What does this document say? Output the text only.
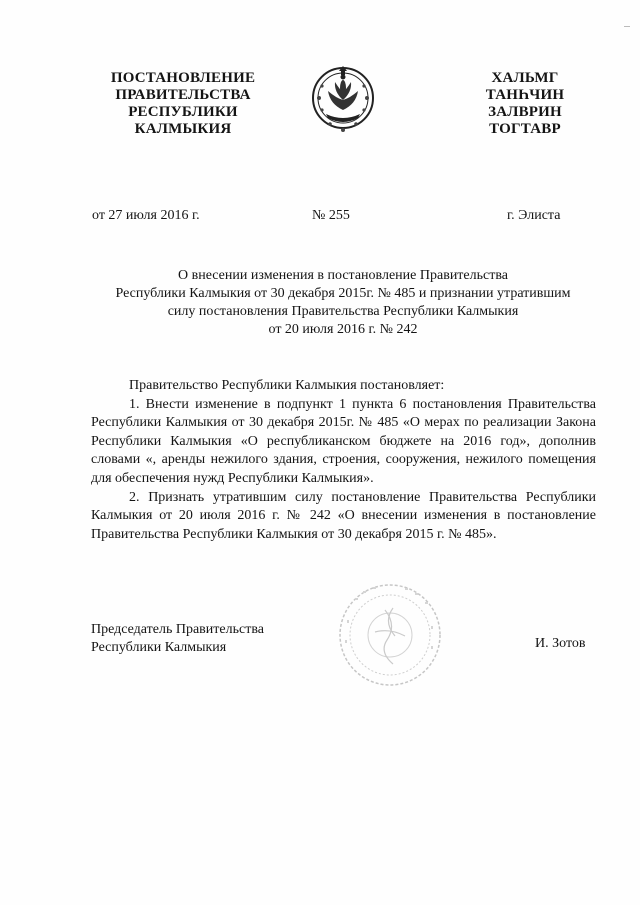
ПОСТАНОВЛЕНИЕ
ПРАВИТЕЛЬСТВА
РЕСПУБЛИКИ
КАЛМЫКИЯ
ХАЛЬМГ
ТАНҺЧИН
ЗАЛВРИН
ТОГТАВР
от 27 июля 2016 г.	№ 255	г. Элиста
О внесении изменения в постановление Правительства
Республики Калмыкия от 30 декабря 2015г. № 485 и признании утратившим
силу постановления Правительства Республики Калмыкия
от 20 июля 2016 г. № 242

Правительство Республики Калмыкия постановляет:

1. Внести изменение в подпункт 1 пункта 6 постановления Правительства Республики Калмыкия от 30 декабря 2015г. № 485 «О мерах по реализации Закона Республики Калмыкия «О республиканском бюджете на 2016 год», дополнив словами «, аренды нежилого здания, строения, сооружения, нежилого помещения для обеспечения нужд Республики Калмыкия».

2. Признать утратившим силу постановление Правительства Республики Калмыкия от 20 июля 2016 г. № 242 «О внесении изменения в постановление Правительства Республики Калмыкия от 30 декабря 2015 г. № 485».

Председатель Правительства
Республики Калмыкия	И. Зотов
